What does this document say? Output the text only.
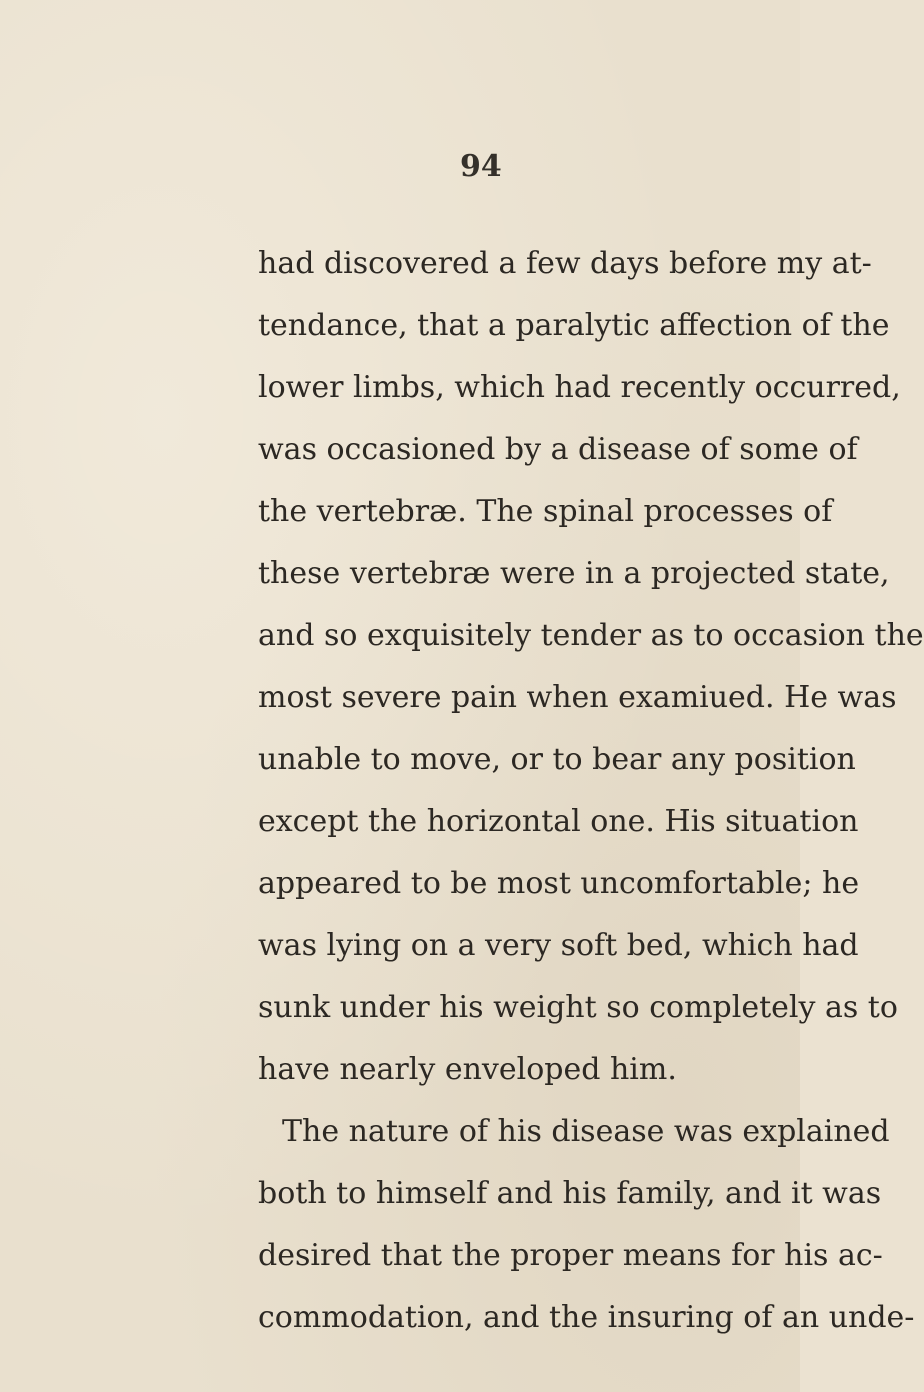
94

had discovered a few days before my at-

tendance, that a paralytic affection of the

lower limbs, which had recently occurred,

was occasioned by a disease of some of

the vertebræ. The spinal processes of

these vertebræ were in a projected state,

and so exquisitely tender as to occasion the

most severe pain when examiued. He was

unable to move, or to bear any position

except the horizontal one. His situation

appeared to be most uncomfortable; he

was lying on a very soft bed, which had

sunk under his weight so completely as to

have nearly enveloped him.

The nature of his disease was explained

both to himself and his family, and it was

desired that the proper means for his ac-

commodation, and the insuring of an unde-
